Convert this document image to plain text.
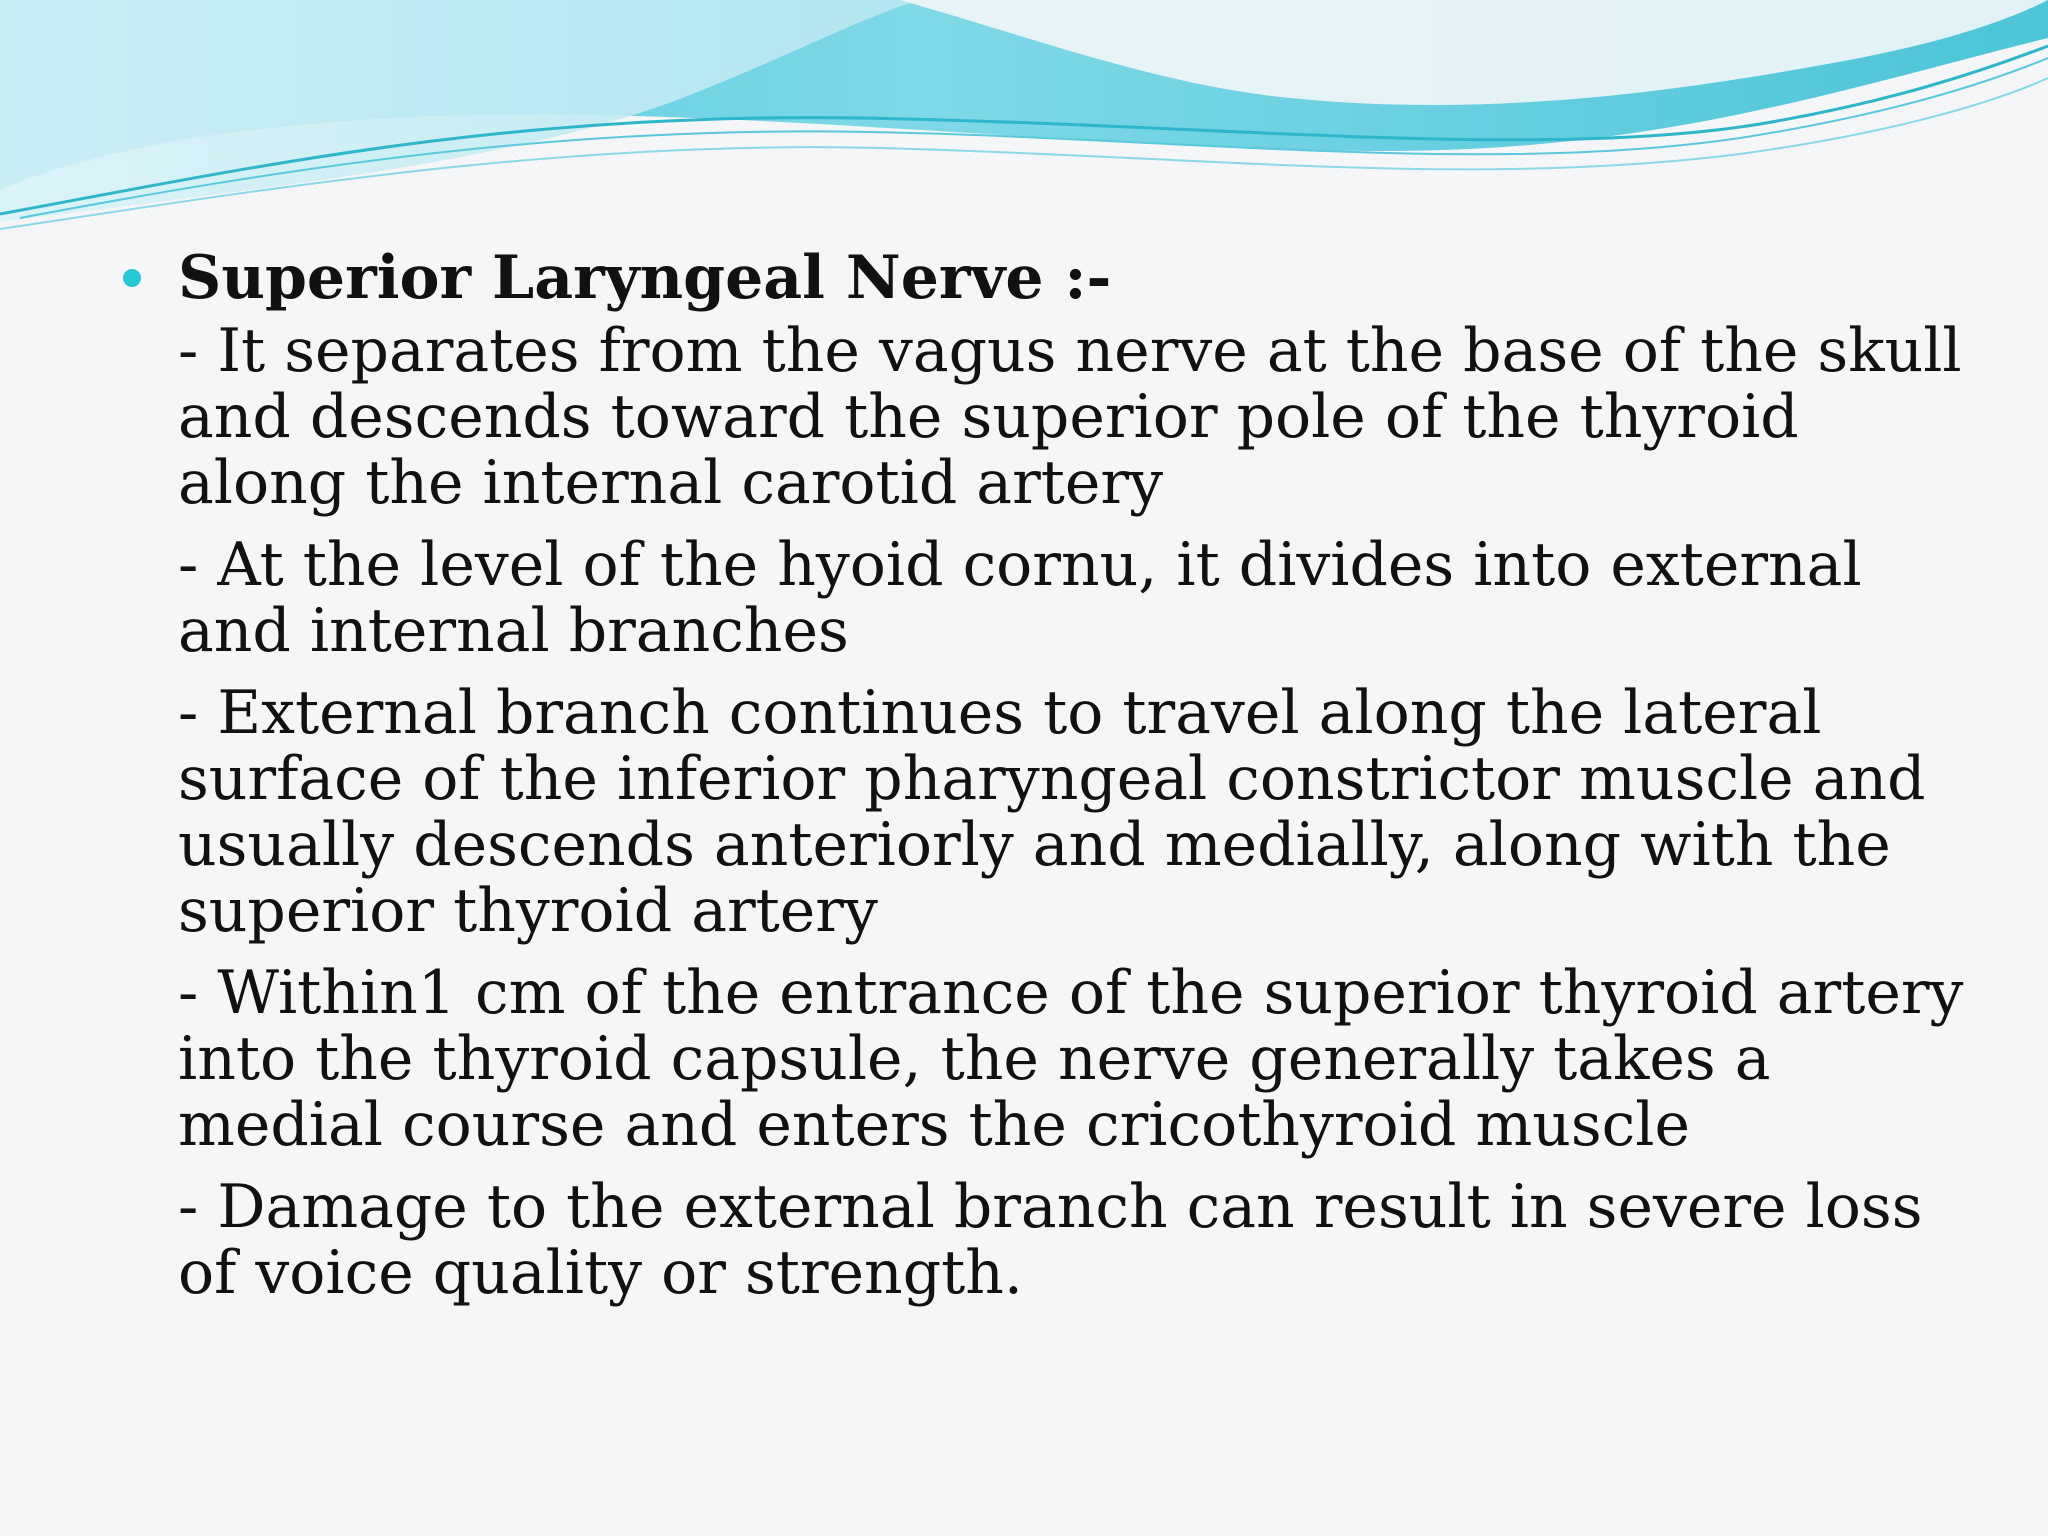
Superior Laryngeal Nerve :-
- It separates from the vagus nerve at the base of the skull and descends toward the superior pole of the thyroid along the internal carotid artery
- At the level of the hyoid cornu, it divides into external and internal branches
- External branch continues to travel along the lateral surface of the inferior pharyngeal constrictor muscle and usually descends anteriorly and medially, along with the superior thyroid artery
- Within1 cm of the entrance of the superior thyroid artery into the thyroid capsule, the nerve generally takes a medial course and enters the cricothyroid muscle
- Damage to the external branch can result in severe loss of voice quality or strength.
